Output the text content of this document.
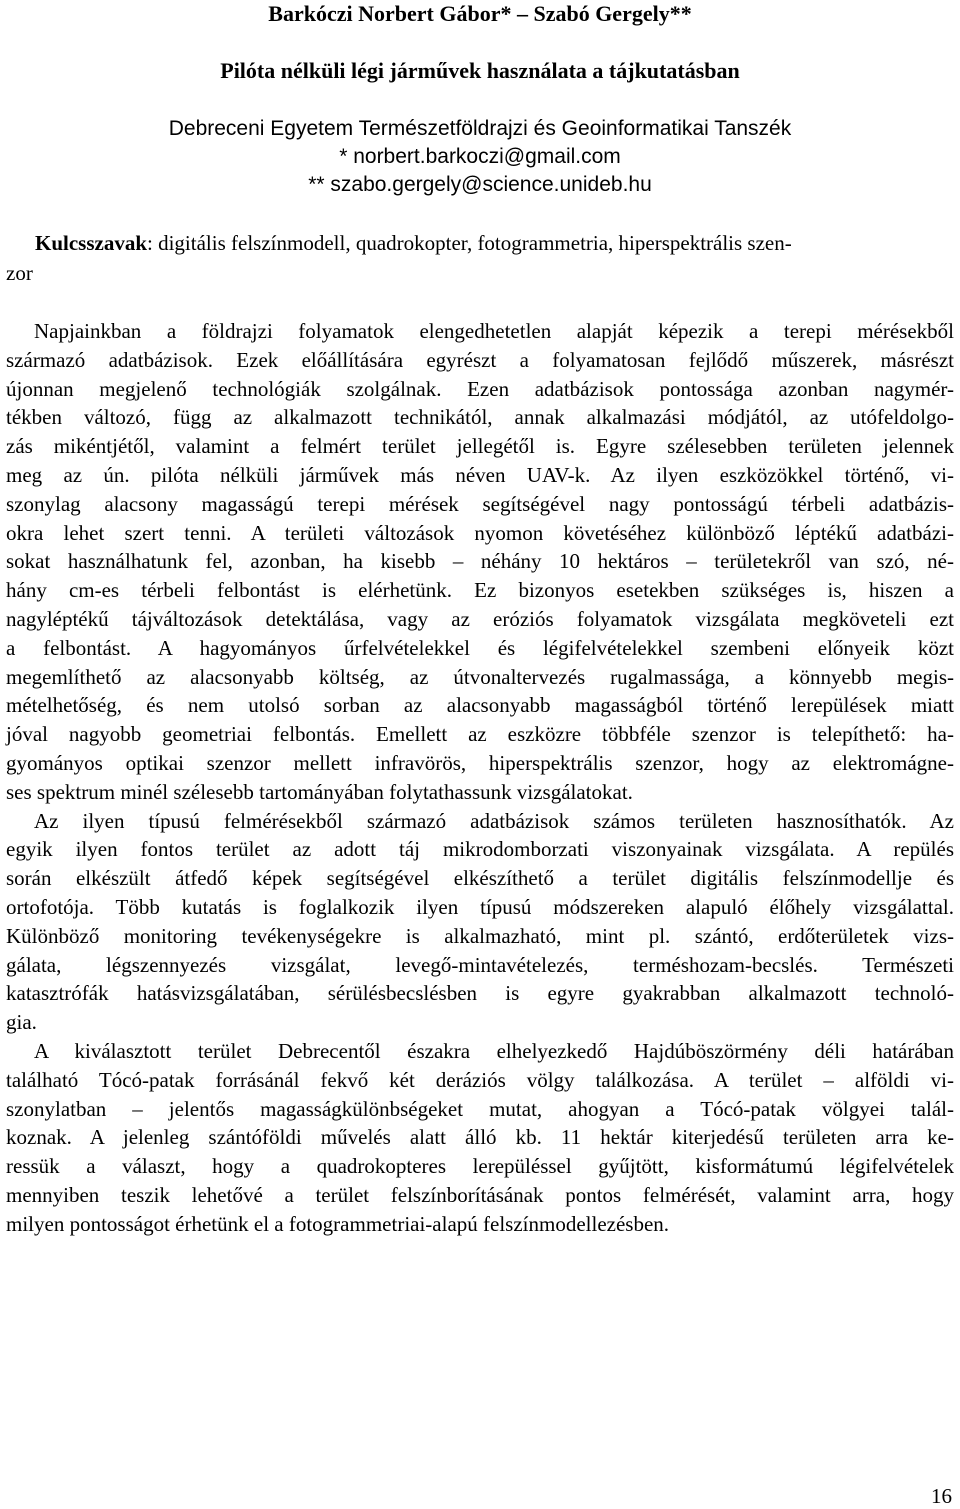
Barkóczi Norbert Gábor* – Szabó Gergely**
Pilóta nélküli légi járművek használata a tájkutatásban
Debreceni Egyetem Természetföldrajzi és Geoinformatikai Tanszék
* norbert.barkoczi@gmail.com
** szabo.gergely@science.unideb.hu
Kulcsszavak: digitális felszínmodell, quadrokopter, fotogrammetria, hiperspektrális szen-
zor
Napjainkban a földrajzi folyamatok elengedhetetlen alapját képezik a terepi mérésekből
származó adatbázisok. Ezek előállítására egyrészt a folyamatosan fejlődő műszerek, másrészt
újonnan megjelenő technológiák szolgálnak. Ezen adatbázisok pontossága azonban nagymér-
tékben változó, függ az alkalmazott technikától, annak alkalmazási módjától, az utófeldolgo-
zás mikéntjétől, valamint a felmért terület jellegétől is. Egyre szélesebben területen jelennek
meg az ún. pilóta nélküli járművek más néven UAV-k. Az ilyen eszközökkel történő, vi-
szonylag alacsony magasságú terepi mérések segítségével nagy pontosságú térbeli adatbázis-
okra lehet szert tenni. A területi változások nyomon követéséhez különböző léptékű adatbázi-
sokat használhatunk fel, azonban, ha kisebb – néhány 10 hektáros – területekről van szó, né-
hány cm-es térbeli felbontást is elérhetünk. Ez bizonyos esetekben szükséges is, hiszen a
nagyléptékű tájváltozások detektálása, vagy az eróziós folyamatok vizsgálata megköveteli ezt
a felbontást. A hagyományos űrfelvételekkel és légifelvételekkel szembeni előnyeik közt
megemlíthető az alacsonyabb költség, az útvonaltervezés rugalmassága, a könnyebb megis-
mételhetőség, és nem utolsó sorban az alacsonyabb magasságból történő lerepülések miatt
jóval nagyobb geometriai felbontás. Emellett az eszközre többféle szenzor is telepíthető: ha-
gyományos optikai szenzor mellett infravörös, hiperspektrális szenzor, hogy az elektromágne-
ses spektrum minél szélesebb tartományában folytathassunk vizsgálatokat.
Az ilyen típusú felmérésekből származó adatbázisok számos területen hasznosíthatók. Az
egyik ilyen fontos terület az adott táj mikrodomborzati viszonyainak vizsgálata. A repülés
során elkészült átfedő képek segítségével elkészíthető a terület digitális felszínmodellje és
ortofotója. Több kutatás is foglalkozik ilyen típusú módszereken alapuló élőhely vizsgálattal.
Különböző monitoring tevékenységekre is alkalmazható, mint pl. szántó, erdőterületek vizs-
gálata, légszennyezés vizsgálat, levegő-mintavételezés, terméshozam-becslés. Természeti
katasztrófák hatásvizsgálatában, sérülésbecslésben is egyre gyakrabban alkalmazott technoló-
gia.
A kiválasztott terület Debrecentől északra elhelyezkedő Hajdúböszörmény déli határában
található Tócó-patak forrásánál fekvő két deráziós völgy találkozása. A terület – alföldi vi-
szonylatban – jelentős magasságkülönbségeket mutat, ahogyan a Tócó-patak völgyei talál-
koznak. A jelenleg szántóföldi művelés alatt álló kb. 11 hektár kiterjedésű területen arra ke-
ressük a választ, hogy a quadrokopteres lerepüléssel gyűjtött, kisformátumú légifelvételek
mennyiben teszik lehetővé a terület felszínborításának pontos felmérését, valamint arra, hogy
milyen pontosságot érhetünk el a fotogrammetriai-alapú felszínmodellezésben.
16
